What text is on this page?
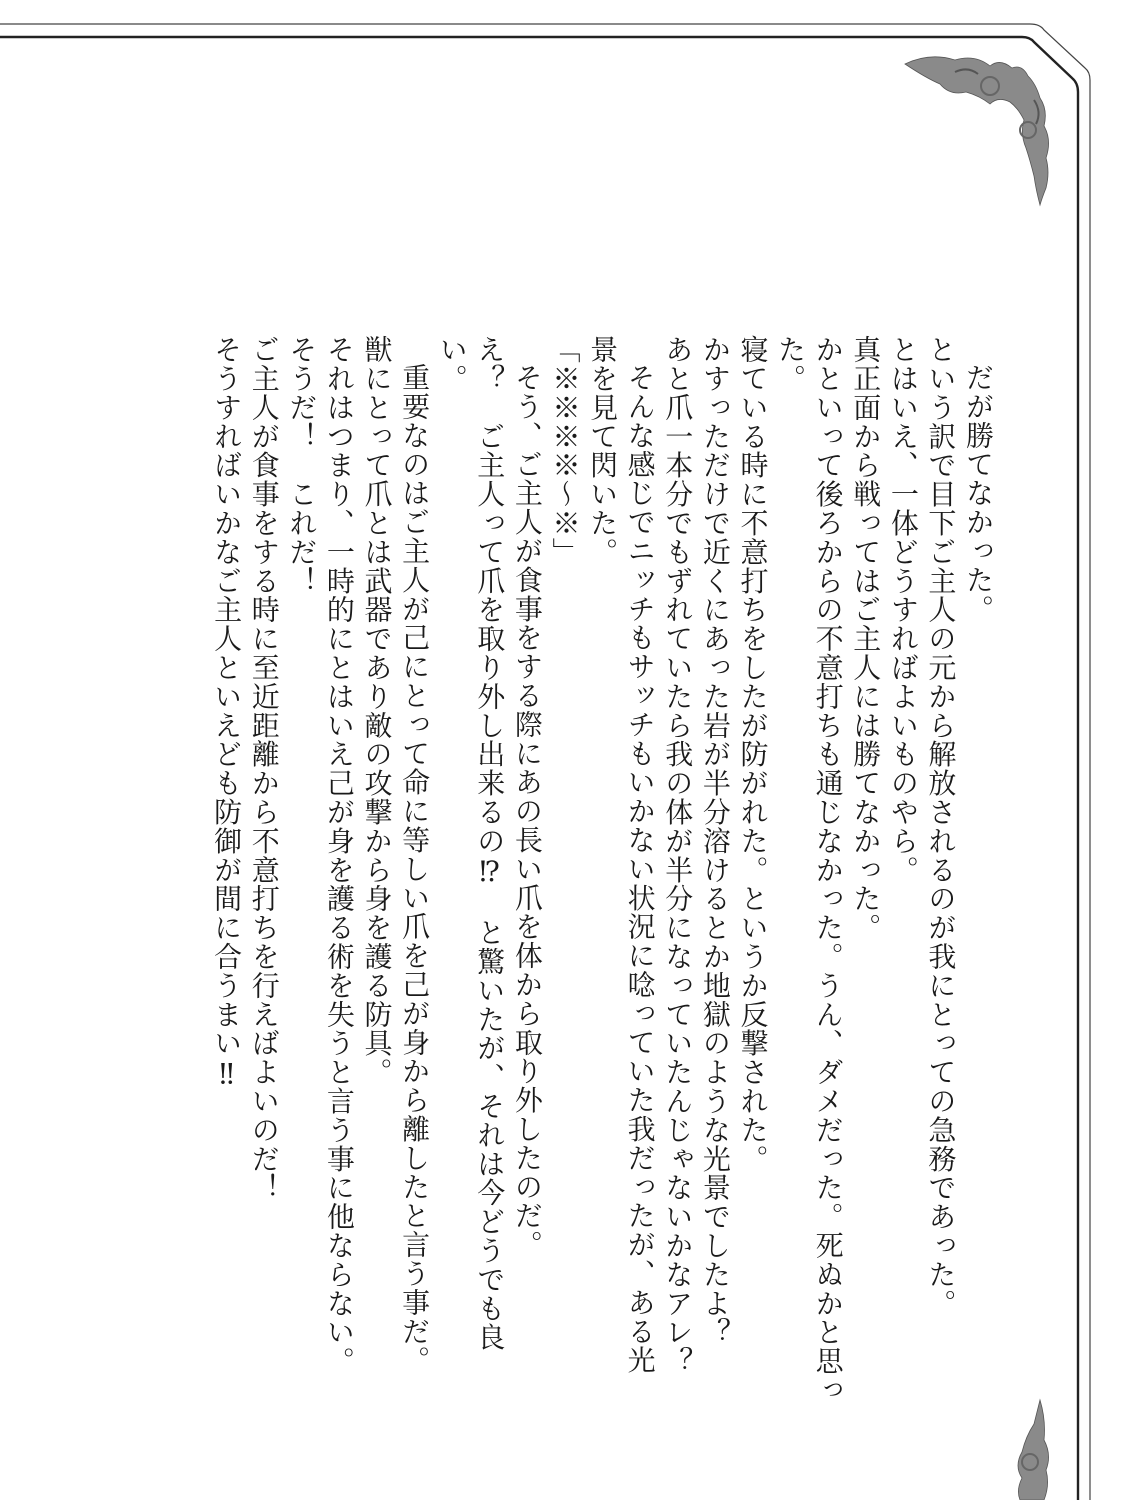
だが勝てなかった。
という訳で目下ご主人の元から解放されるのが我にとっての急務であった。
とはいえ、一体どうすればよいものやら。
真正面から戦ってはご主人には勝てなかった。
かといって後ろからの不意打ちも通じなかった。うん、ダメだった。死ぬかと思っ
た。
寝ている時に不意打ちをしたが防がれた。というか反撃された。
かすっただけで近くにあった岩が半分溶けるとか地獄のような光景でしたよ？
あと爪一本分でもずれていたら我の体が半分になっていたんじゃないかなアレ？
そんな感じでニッチもサッチもいかない状況に唸っていた我だったが、ある光
景を見て閃いた。
「※※※※～※」
そう、ご主人が食事をする際にあの長い爪を体から取り外したのだ。
え？　ご主人って爪を取り外し出来るの⁉　と驚いたが、それは今どうでも良
い。
重要なのはご主人が己にとって命に等しい爪を己が身から離したと言う事だ。
獣にとって爪とは武器であり敵の攻撃から身を護る防具。
それはつまり、一時的にとはいえ己が身を護る術を失うと言う事に他ならない。
そうだ！　これだ！
ご主人が食事をする時に至近距離から不意打ちを行えばよいのだ！
そうすればいかなご主人といえども防御が間に合うまい‼
